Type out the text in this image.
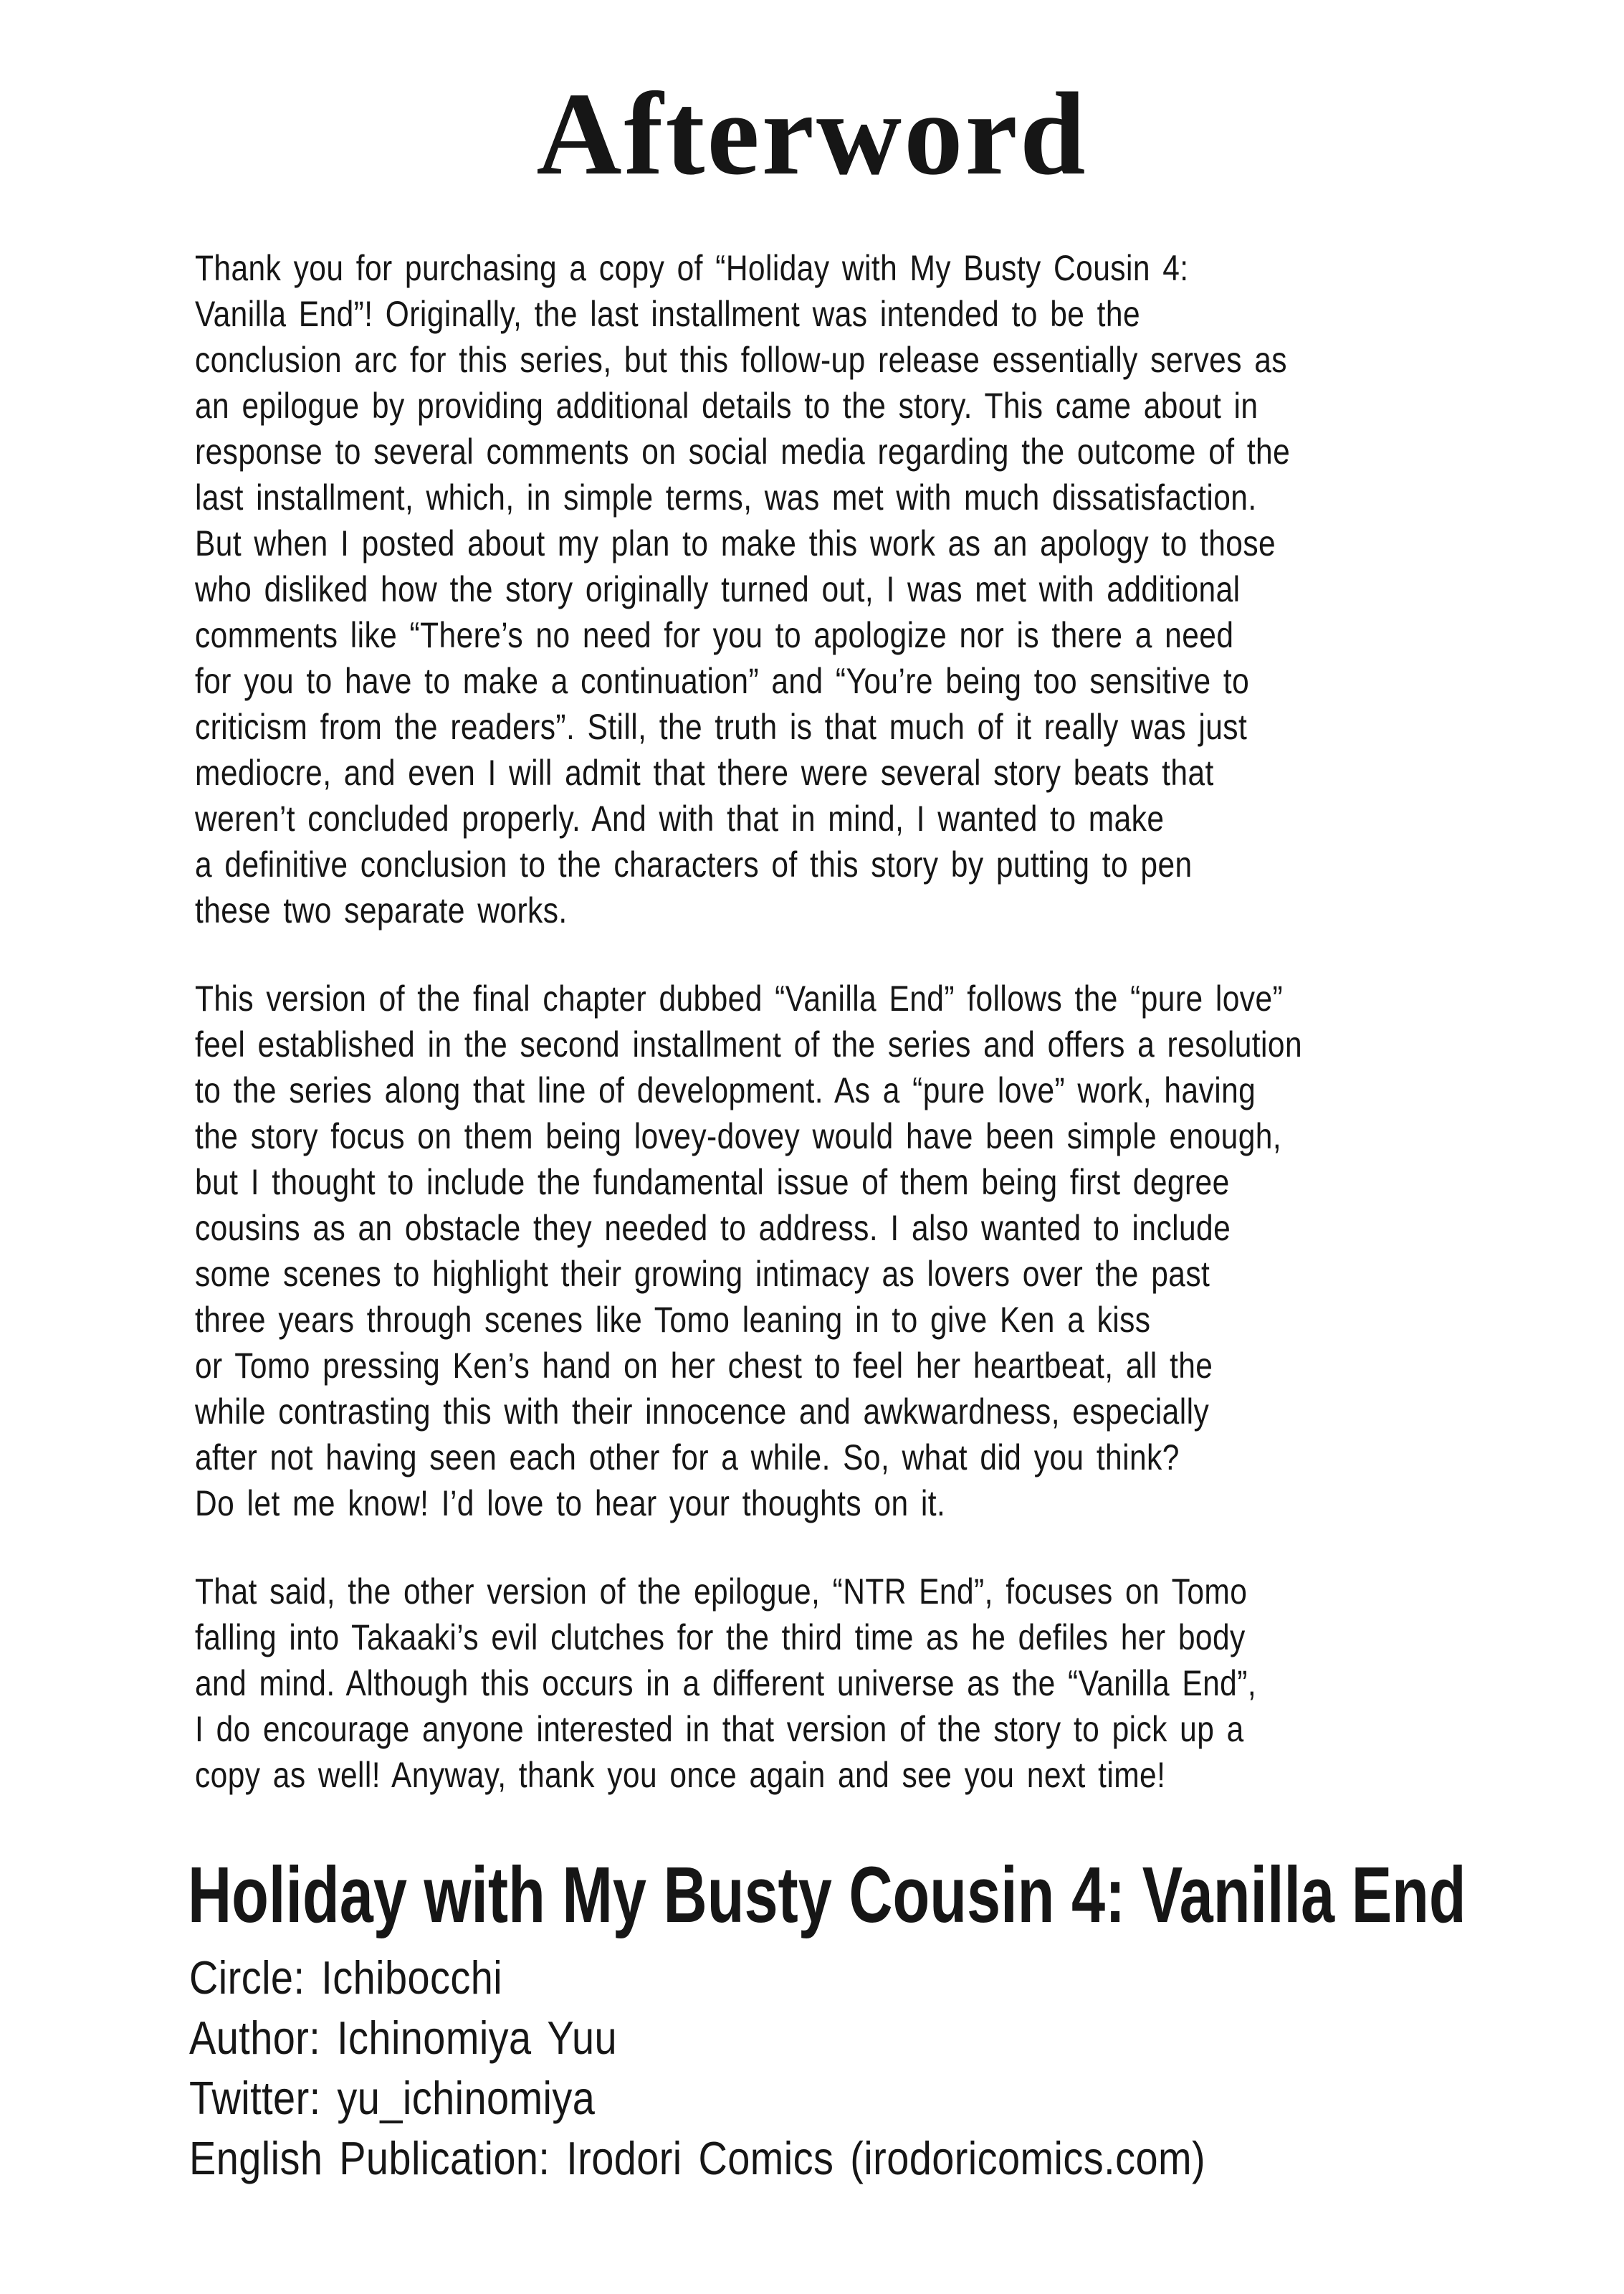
Afterword
Thank you for purchasing a copy of “Holiday with My Busty Cousin 4:
Vanilla End”! Originally, the last installment was intended to be the
conclusion arc for this series, but this follow-up release essentially serves as
an epilogue by providing additional details to the story. This came about in
response to several comments on social media regarding the outcome of the
last installment, which, in simple terms, was met with much dissatisfaction.
But when I posted about my plan to make this work as an apology to those
who disliked how the story originally turned out, I was met with additional
comments like “There’s no need for you to apologize nor is there a need
for you to have to make a continuation” and “You’re being too sensitive to
criticism from the readers”. Still, the truth is that much of it really was just
mediocre, and even I will admit that there were several story beats that
weren’t concluded properly. And with that in mind, I wanted to make
a definitive conclusion to the characters of this story by putting to pen
these two separate works.
This version of the final chapter dubbed “Vanilla End” follows the “pure love”
feel established in the second installment of the series and offers a resolution
to the series along that line of development. As a “pure love” work, having
the story focus on them being lovey-dovey would have been simple enough,
but I thought to include the fundamental issue of them being first degree
cousins as an obstacle they needed to address. I also wanted to include
some scenes to highlight their growing intimacy as lovers over the past
three years through scenes like Tomo leaning in to give Ken a kiss
or Tomo pressing Ken’s hand on her chest to feel her heartbeat, all the
while contrasting this with their innocence and awkwardness, especially
after not having seen each other for a while. So, what did you think?
Do let me know! I’d love to hear your thoughts on it.
That said, the other version of the epilogue, “NTR End”, focuses on Tomo
falling into Takaaki’s evil clutches for the third time as he defiles her body
and mind. Although this occurs in a different universe as the “Vanilla End”,
I do encourage anyone interested in that version of the story to pick up a
copy as well! Anyway, thank you once again and see you next time!
Holiday with My Busty Cousin 4: Vanilla End
Circle: Ichibocchi
Author: Ichinomiya Yuu
Twitter: yu_ichinomiya
English Publication: Irodori Comics (irodoricomics.com)
